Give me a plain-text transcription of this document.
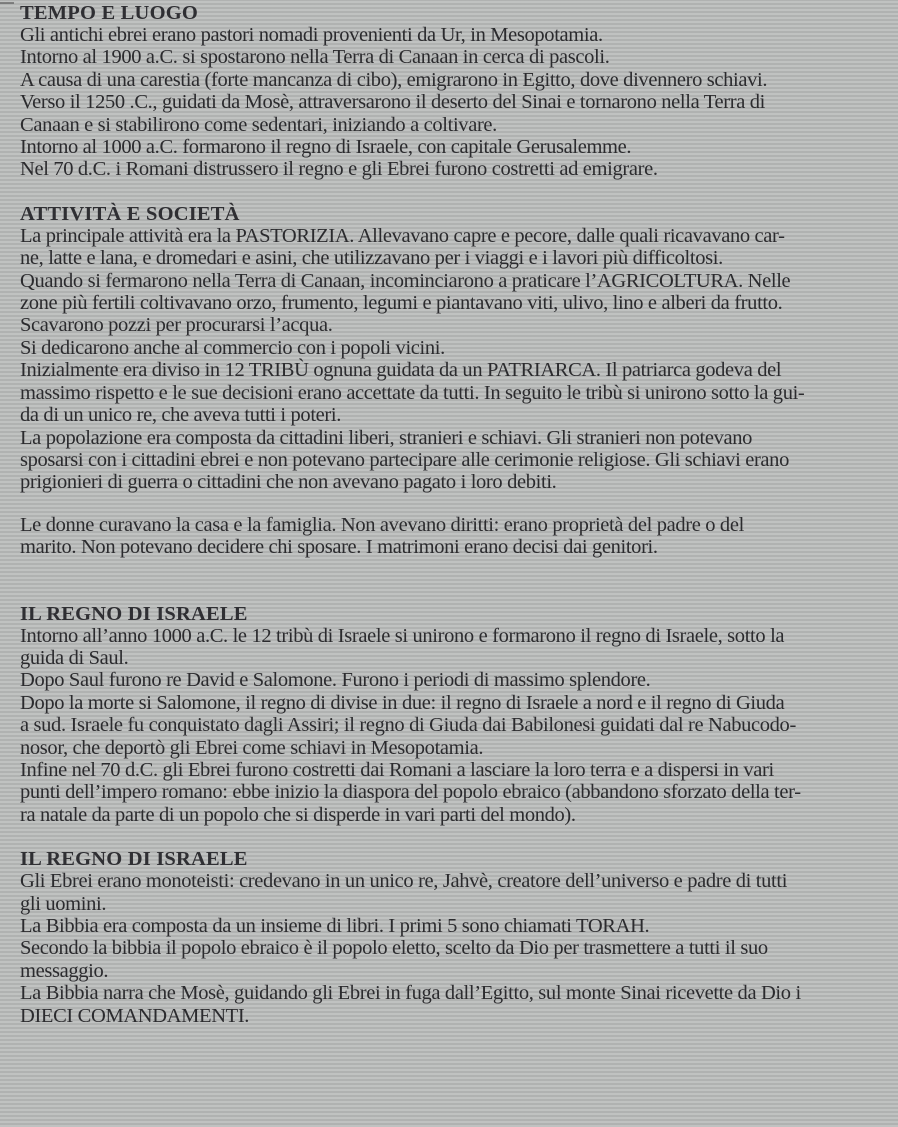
TEMPO E LUOGO

Gli antichi ebrei erano pastori nomadi provenienti da Ur, in Mesopotamia.

Intorno al 1900 a.C. si spostarono nella Terra di Canaan in cerca di pascoli.

A causa di una carestia (forte mancanza di cibo), emigrarono in Egitto, dove divennero schiavi.

Verso il 1250 .C., guidati da Mosè, attraversarono il deserto del Sinai e tornarono nella Terra di

Canaan e si stabilirono come sedentari, iniziando a coltivare.

Intorno al 1000 a.C. formarono il regno di Israele, con capitale Gerusalemme.

Nel 70 d.C. i Romani distrussero il regno e gli Ebrei furono costretti ad emigrare.

ATTIVITÀ E SOCIETÀ

La principale attività era la PASTORIZIA. Allevavano capre e pecore, dalle quali ricavavano car-

ne, latte e lana, e dromedari e asini, che utilizzavano per i viaggi e i lavori più difficoltosi.

Quando si fermarono nella Terra di Canaan, incominciarono a praticare l’AGRICOLTURA. Nelle

zone più fertili coltivavano orzo, frumento, legumi e piantavano viti, ulivo, lino e alberi da frutto.

Scavarono pozzi per procurarsi l’acqua.

Si dedicarono anche al commercio con i popoli vicini.

Inizialmente era diviso in 12 TRIBÙ ognuna guidata da un PATRIARCA. Il patriarca godeva del

massimo rispetto e le sue decisioni erano accettate da tutti. In seguito le tribù si unirono sotto la gui-

da di un unico re, che aveva tutti i poteri.

La popolazione era composta da cittadini liberi, stranieri e schiavi. Gli stranieri non potevano

sposarsi con i cittadini ebrei e non potevano partecipare alle cerimonie religiose. Gli schiavi erano

prigionieri di guerra o cittadini che non avevano pagato i loro debiti.

Le donne curavano la casa e la famiglia. Non avevano diritti: erano proprietà del padre o del

marito. Non potevano decidere chi sposare. I matrimoni erano decisi dai genitori.

IL REGNO DI ISRAELE

Intorno all’anno 1000 a.C. le 12 tribù di Israele si unirono e formarono il regno di Israele, sotto la

guida di Saul.

Dopo Saul furono re David e Salomone. Furono i periodi di massimo splendore.

Dopo la morte si Salomone, il regno di divise in due: il regno di Israele a nord e il regno di Giuda

a sud. Israele fu conquistato dagli Assiri; il regno di Giuda dai Babilonesi guidati dal re Nabucodo-

nosor, che deportò gli Ebrei come schiavi in Mesopotamia.

Infine nel 70 d.C. gli Ebrei furono costretti dai Romani a lasciare la loro terra e a dispersi in vari

punti dell’impero romano: ebbe inizio la diaspora del popolo ebraico (abbandono sforzato della ter-

ra natale da parte di un popolo che si disperde in vari parti del mondo).

IL REGNO DI ISRAELE

Gli Ebrei erano monoteisti: credevano in un unico re, Jahvè, creatore dell’universo e padre di tutti

gli uomini.

La Bibbia era composta da un insieme di libri. I primi 5 sono chiamati TORAH.

Secondo la bibbia il popolo ebraico è il popolo eletto, scelto da Dio per trasmettere a tutti il suo

messaggio.

La Bibbia narra che Mosè, guidando gli Ebrei in fuga dall’Egitto, sul monte Sinai ricevette da Dio i

DIECI COMANDAMENTI.
